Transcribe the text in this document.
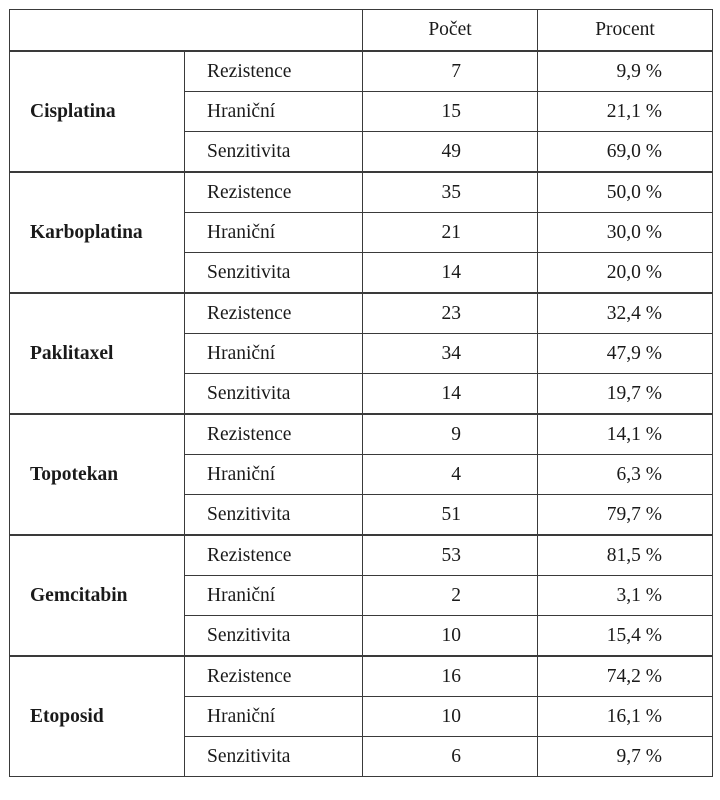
		Počet	Procent
Cisplatina	Rezistence	7	9,9 %
	Hraniční	15	21,1 %
	Senzitivita	49	69,0 %
Karboplatina	Rezistence	35	50,0 %
	Hraniční	21	30,0 %
	Senzitivita	14	20,0 %
Paklitaxel	Rezistence	23	32,4 %
	Hraniční	34	47,9 %
	Senzitivita	14	19,7 %
Topotekan	Rezistence	9	14,1 %
	Hraniční	4	6,3 %
	Senzitivita	51	79,7 %
Gemcitabin	Rezistence	53	81,5 %
	Hraniční	2	3,1 %
	Senzitivita	10	15,4 %
Etoposid	Rezistence	16	74,2 %
	Hraniční	10	16,1 %
	Senzitivita	6	9,7 %
